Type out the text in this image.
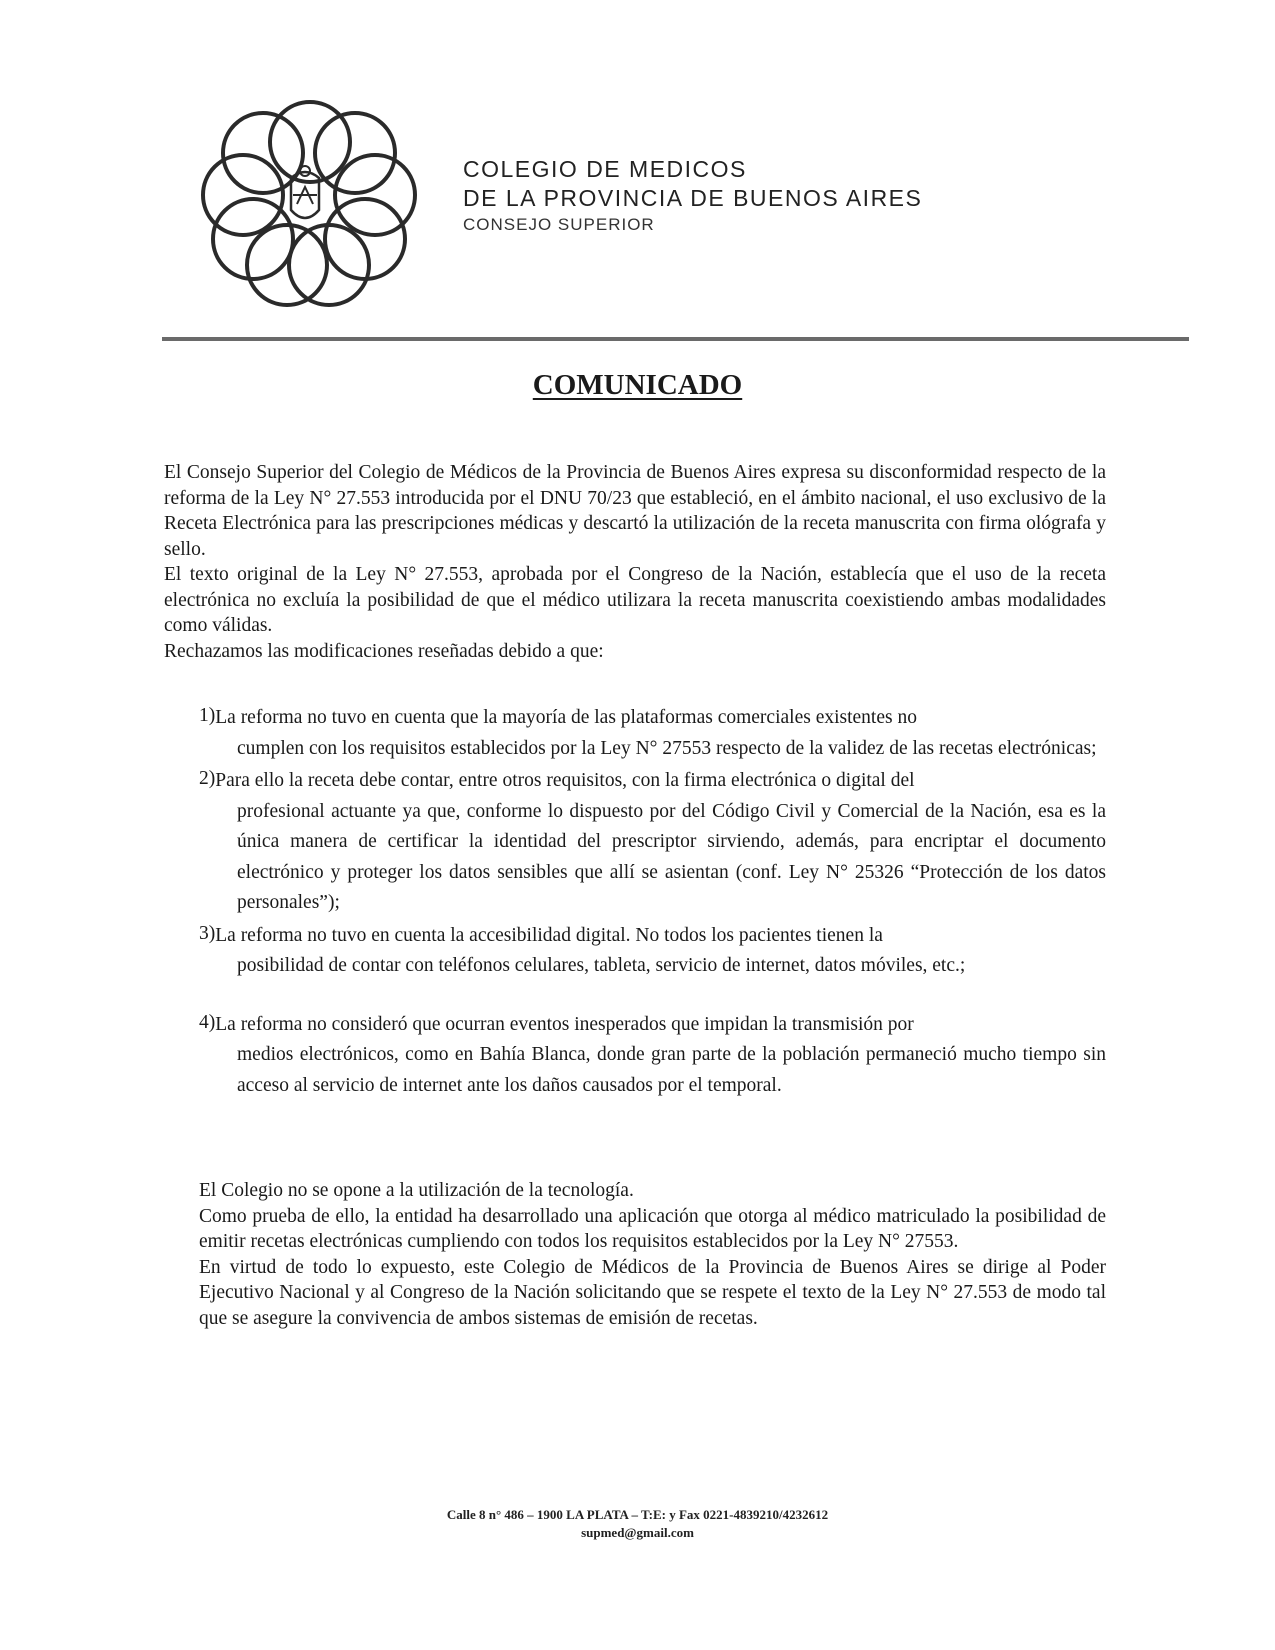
COLEGIO DE MEDICOS
DE LA PROVINCIA DE BUENOS AIRES
CONSEJO SUPERIOR
COMUNICADO
El Consejo Superior del Colegio de Médicos de la Provincia de Buenos Aires expresa su disconformidad respecto de la reforma de la Ley N° 27.553 introducida por el DNU 70/23 que estableció, en el ámbito nacional, el uso exclusivo de la Receta Electrónica para las prescripciones médicas y descartó la utilización de la receta manuscrita con firma ológrafa y sello.
El texto original de la Ley N° 27.553, aprobada por el Congreso de la Nación, establecía que el uso de la receta electrónica no excluía la posibilidad de que el médico utilizara la receta manuscrita coexistiendo ambas modalidades como válidas.
Rechazamos las modificaciones reseñadas debido a que:
1) La reforma no tuvo en cuenta que la mayoría de las plataformas comerciales existentes no
cumplen con los requisitos establecidos por la Ley N° 27553 respecto de la validez de las recetas electrónicas;
2) Para ello la receta debe contar, entre otros requisitos, con la firma electrónica o digital del
profesional actuante ya que, conforme lo dispuesto por del Código Civil y Comercial de la Nación, esa es la única manera de certificar la identidad del prescriptor sirviendo, además, para encriptar el documento electrónico y proteger los datos sensibles que allí se asientan (conf. Ley N° 25326 “Protección de los datos personales”);
3) La reforma no tuvo en cuenta la accesibilidad digital. No todos los pacientes tienen la
posibilidad de contar con teléfonos celulares, tableta, servicio de internet, datos móviles, etc.;
4) La reforma no consideró que ocurran eventos inesperados que impidan la transmisión por
medios electrónicos, como en Bahía Blanca, donde gran parte de la población permaneció mucho tiempo sin acceso al servicio de internet ante los daños causados por el temporal.
El Colegio no se opone a la utilización de la tecnología.
Como prueba de ello, la entidad ha desarrollado una aplicación que otorga al médico matriculado la posibilidad de emitir recetas electrónicas cumpliendo con todos los requisitos establecidos por la Ley N° 27553.
En virtud de todo lo expuesto, este Colegio de Médicos de la Provincia de Buenos Aires se dirige al Poder Ejecutivo Nacional y al Congreso de la Nación solicitando que se respete el texto de la Ley N° 27.553 de modo tal que se asegure la convivencia de ambos sistemas de emisión de recetas.
Calle 8 n° 486 – 1900 LA PLATA – T:E: y Fax 0221-4839210/4232612
supmed@gmail.com
